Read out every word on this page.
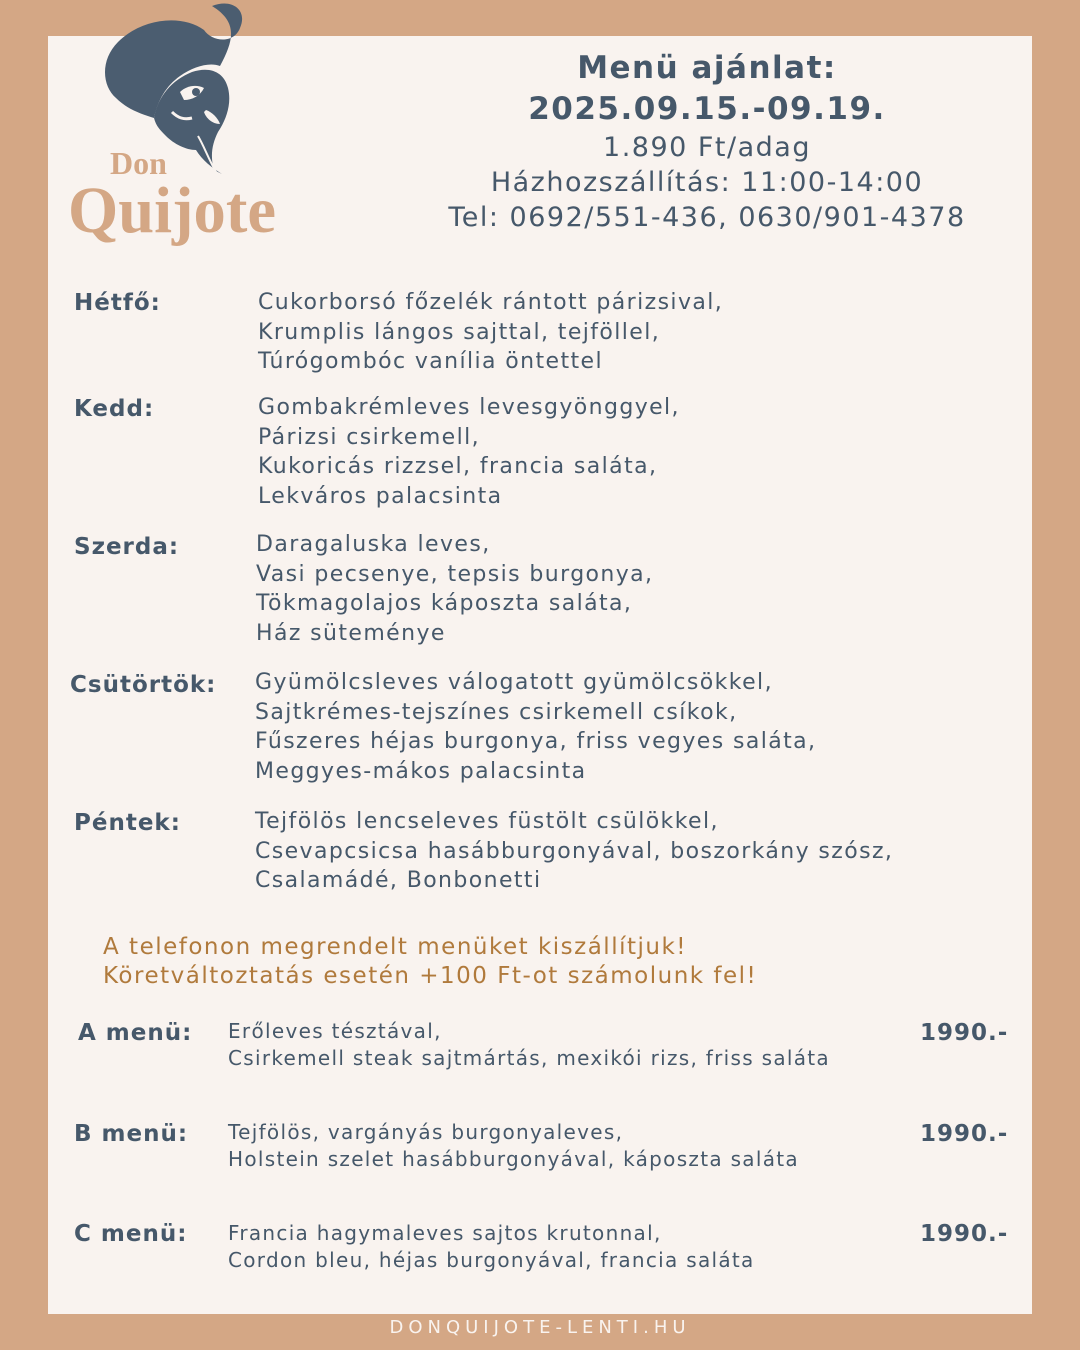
Don
Quijote
Menü ajánlat:
2025.09.15.-09.19.
1.890 Ft/adag
Házhozszállítás: 11:00-14:00
Tel: 0692/551-436, 0630/901-4378
Hétfő:	Cukorborsó főzelék rántott párizsival,
Krumplis lángos sajttal, tejföllel,
Túrógombóc vanília öntettel
Kedd:	Gombakrémleves levesgyönggyel,
Párizsi csirkemell,
Kukoricás rizzsel, francia saláta,
Lekváros palacsinta
Szerda:	Daragaluska leves,
Vasi pecsenye, tepsis burgonya,
Tökmagolajos káposzta saláta,
Ház süteménye
Csütörtök: Gyümölcsleves válogatott gyümölcsökkel,
Sajtkrémes-tejszínes csirkemell csíkok,
Fűszeres héjas burgonya, friss vegyes saláta,
Meggyes-mákos palacsinta
Péntek:	Tejfölös lencseleves füstölt csülökkel,
Csevapcsicsa hasábburgonyával, boszorkány szósz,
Csalamádé, Bonbonetti
A telefonon megrendelt menüket kiszállítjuk!
Köretváltoztatás esetén +100 Ft-ot számolunk fel!
A menü: Erőleves tésztával,
Csirkemell steak sajtmártás, mexikói rizs, friss saláta
1990.-
B menü: Tejfölös, vargányás burgonyaleves,
Holstein szelet hasábburgonyával, káposzta saláta
1990.-
C menü: Francia hagymaleves sajtos krutonnal,
Cordon bleu, héjas burgonyával, francia saláta
1990.-
DONQUIJOTE-LENTI.HU
